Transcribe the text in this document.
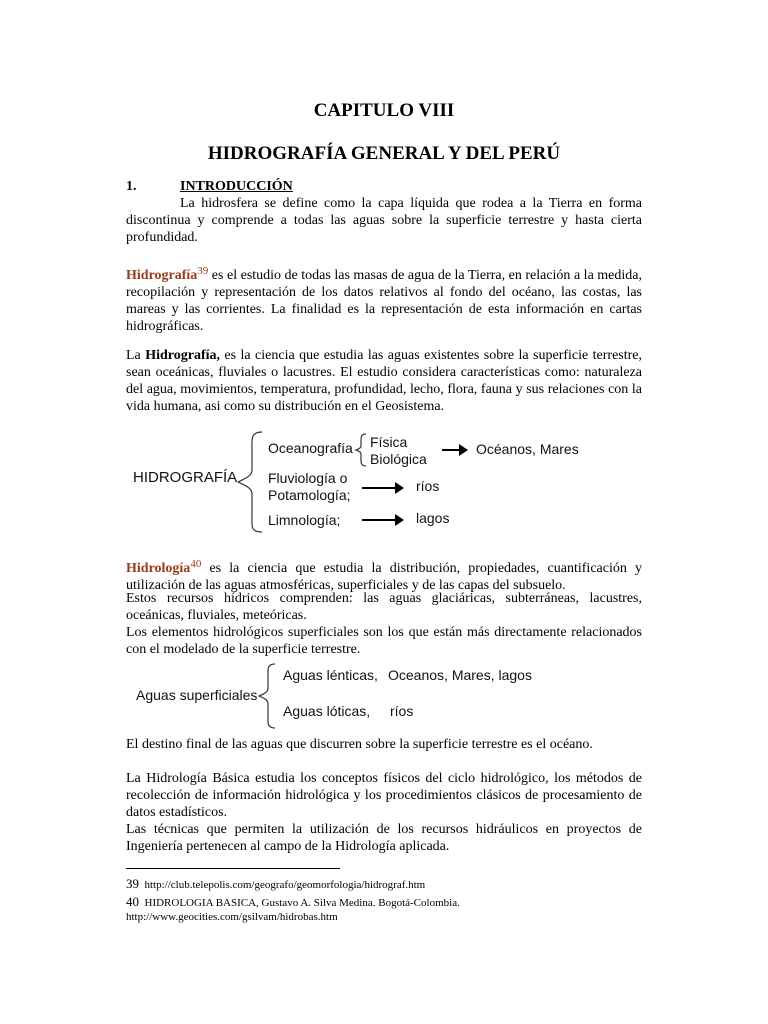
CAPITULO VIII
HIDROGRAFÍA GENERAL Y DEL PERÚ
1.	INTRODUCCIÓN
La hidrosfera se define como la capa líquida que rodea a la Tierra en forma discontinua y comprende a todas las aguas sobre la superficie terrestre y hasta cierta profundidad.
Hidrografía$^{39}$ es el estudio de todas las masas de agua de la Tierra, en relación a la medida, recopilación y representación de los datos relativos al fondo del océano, las costas, las mareas y las corrientes. La finalidad es la representación de esta información en cartas hidrográficas.
La Hidrografía, es la ciencia que estudia las aguas existentes sobre la superficie terrestre, sean oceánicas, fluviales o lacustres. El estudio considera características como: naturaleza del agua, movimientos, temperatura, profundidad, lecho, flora, fauna y sus relaciones con la vida humana, asi como su distribución en el Geosistema.
HIDROGRAFÍA
Oceanografía Física
Biológica
Océanos, Mares
Fluviología o
Potamología;
ríos
Limnología;	lagos
Hidrología$^{40}$ es la ciencia que estudia la distribución, propiedades, cuantificación y utilización de las aguas atmosféricas, superficiales y de las capas del subsuelo.
Estos recursos hídricos comprenden: las aguas glaciáricas, subterráneas, lacustres, oceánicas, fluviales, meteóricas.
Los elementos hidrológicos superficiales son los que están más directamente relacionados con el modelado de la superficie terrestre.
Aguas superficiales
Aguas lénticas, Oceanos, Mares, lagos
Aguas lóticas, ríos
El destino final de las aguas que discurren sobre la superficie terrestre es el océano.
La Hidrología Básica estudia los conceptos físicos del ciclo hidrológico, los métodos de recolección de información hidrológica y los procedimientos clásicos de procesamiento de datos estadísticos.
Las técnicas que permiten la utilización de los recursos hidráulicos en proyectos de Ingeniería pertenecen al campo de la Hidrología aplicada.
39 http://club.telepolis.com/geografo/geomorfologia/hidrograf.htm
40 HIDROLOGIA BASICA, Gustavo A. Silva Medina. Bogotá-Colombia.
http://www.geocities.com/gsilvam/hidrobas.htm
